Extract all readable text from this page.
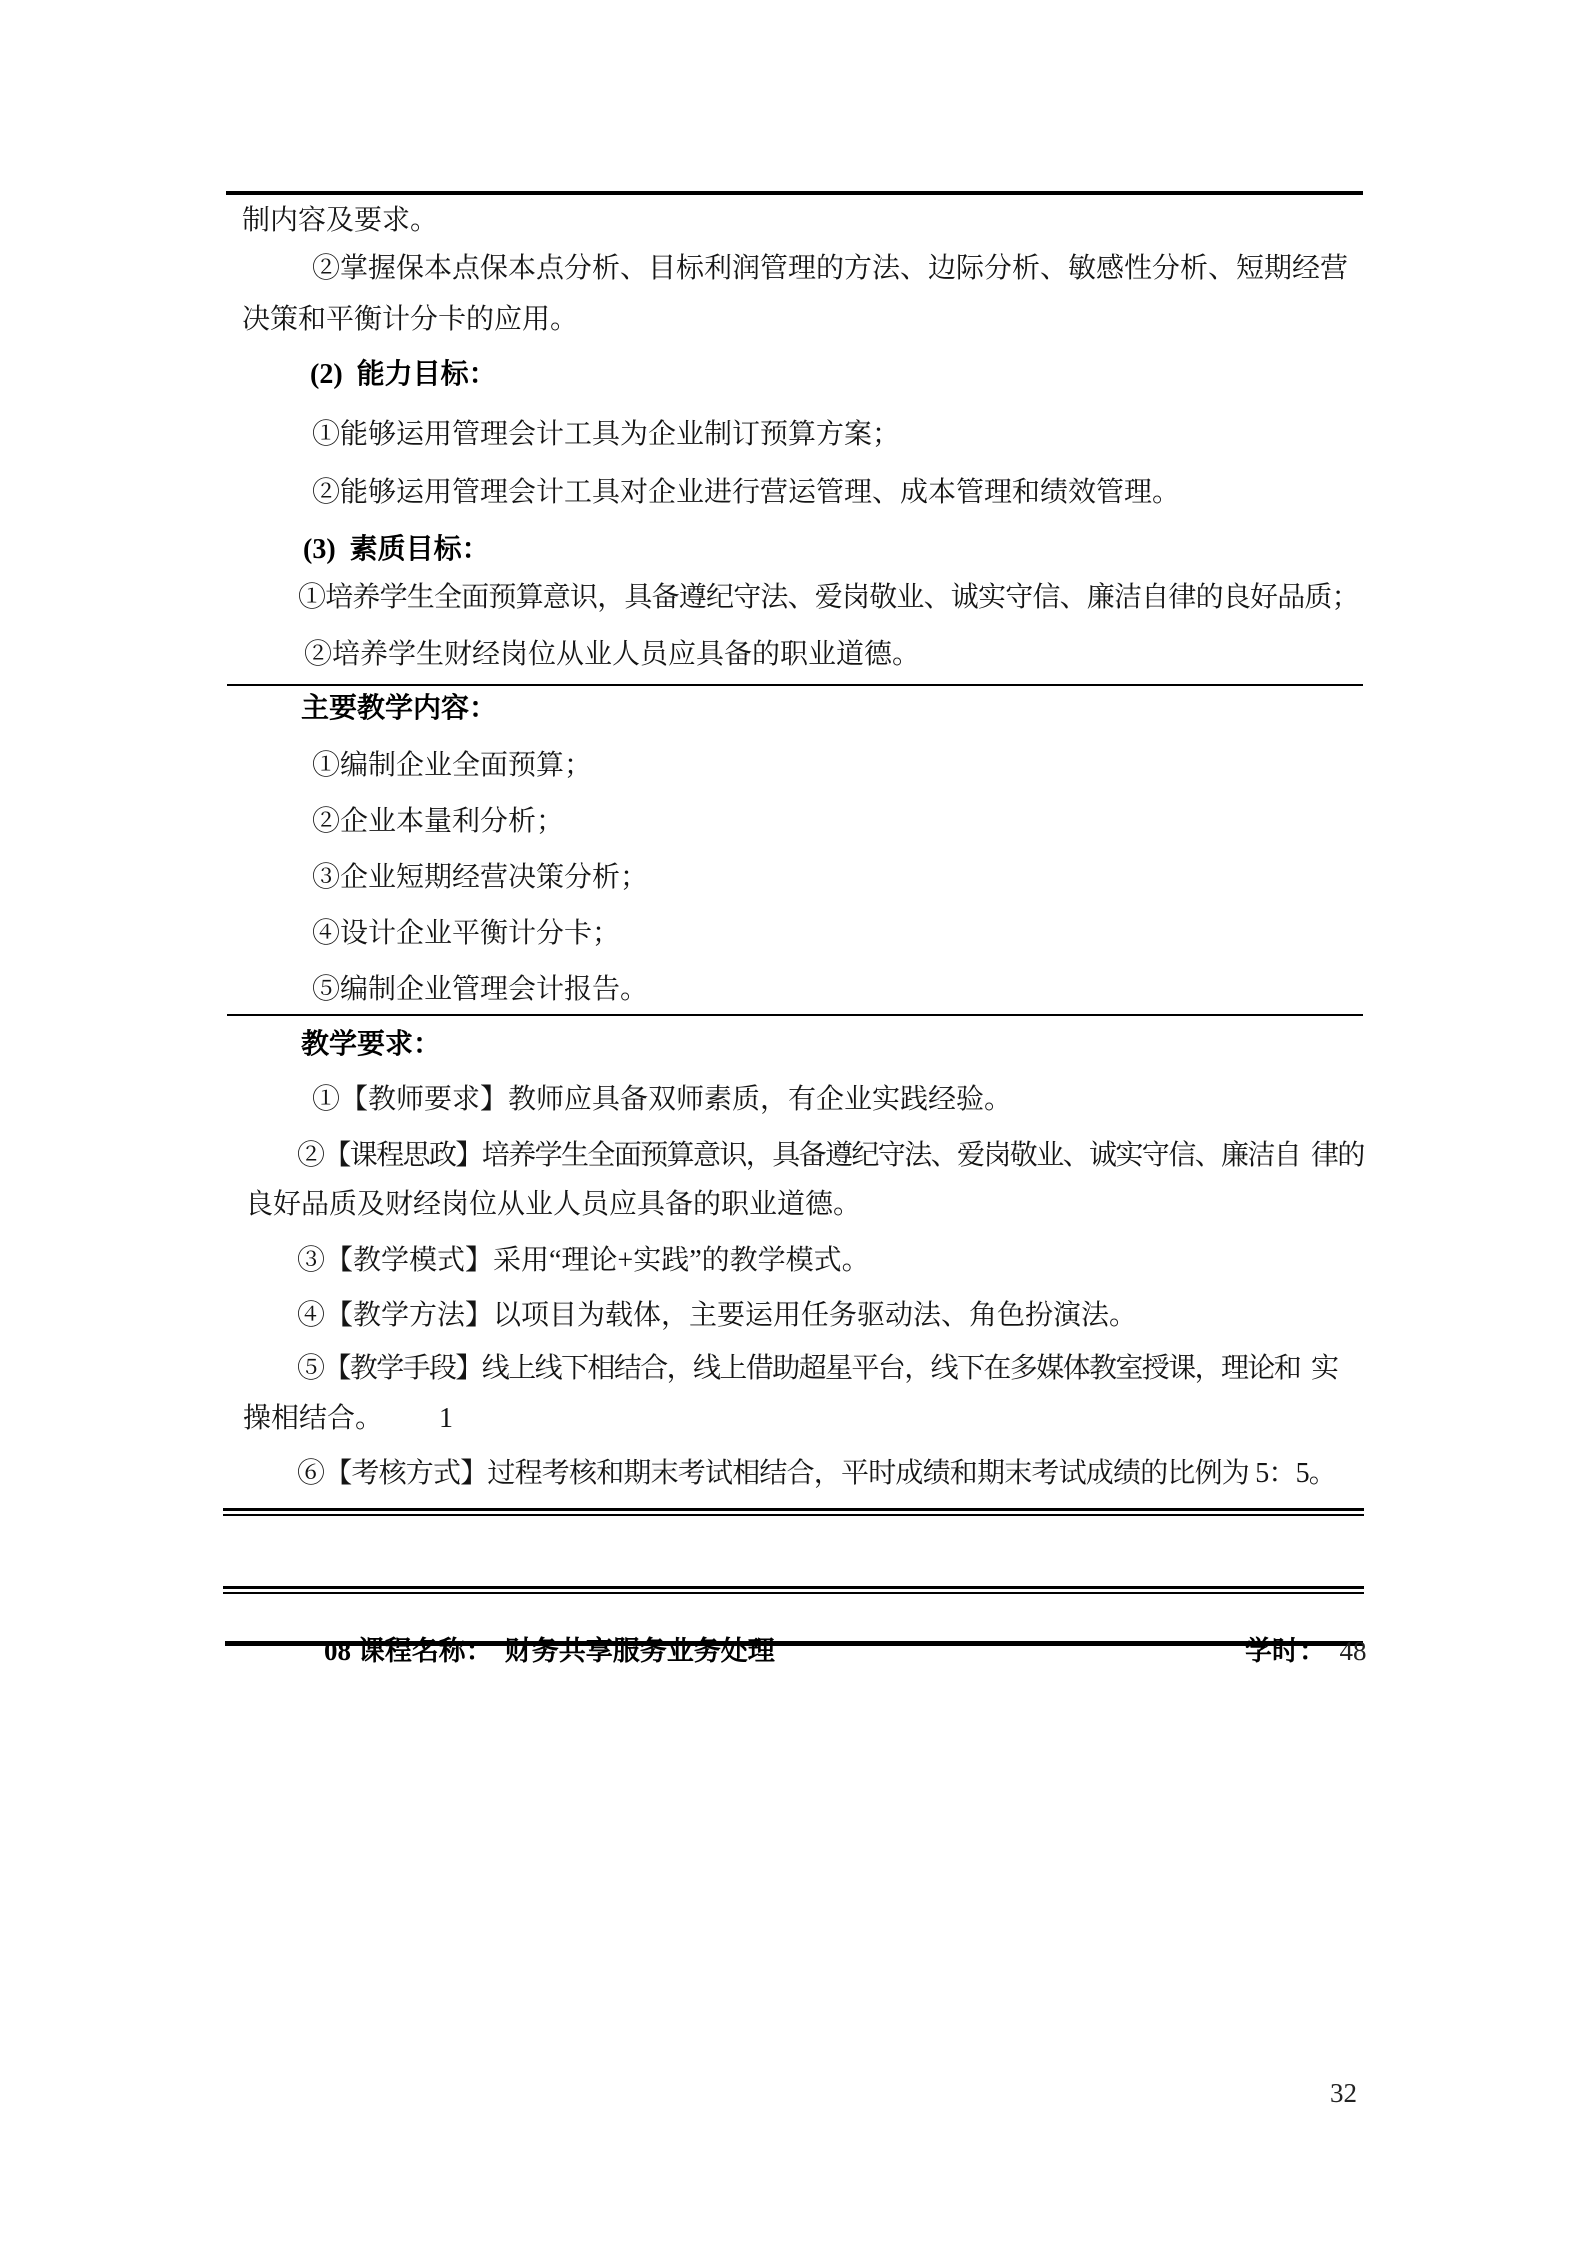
制内容及要求。
②掌握保本点保本点分析、目标利润管理的方法、边际分析、敏感性分析、短期经营
决策和平衡计分卡的应用。
(2)  能力目标：
①能够运用管理会计工具为企业制订预算方案；
②能够运用管理会计工具对企业进行营运管理、成本管理和绩效管理。
(3)  素质目标：
①培养学生全面预算意识，具备遵纪守法、爱岗敬业、诚实守信、廉洁自律的良好品质；
②培养学生财经岗位从业人员应具备的职业道德。
主要教学内容：
①编制企业全面预算；
②企业本量利分析；
③企业短期经营决策分析；
④设计企业平衡计分卡；
⑤编制企业管理会计报告。
教学要求：
①【教师要求】教师应具备双师素质，有企业实践经验。
②【课程思政】培养学生全面预算意识，具备遵纪守法、爱岗敬业、诚实守信、廉洁自  律的
良好品质及财经岗位从业人员应具备的职业道德。
③【教学模式】采用“理论+实践”的教学模式。
④【教学方法】以项目为载体，主要运用任务驱动法、角色扮演法。
⑤【教学手段】线上线下相结合，线上借助超星平台，线下在多媒体教室授课，理论和  实
操相结合。        1
⑥【考核方式】过程考核和期末考试相结合，平时成绩和期末考试成绩的比例为 5：5。

08 课程名称： 财务共享服务业务处理
	学时： 48

32
